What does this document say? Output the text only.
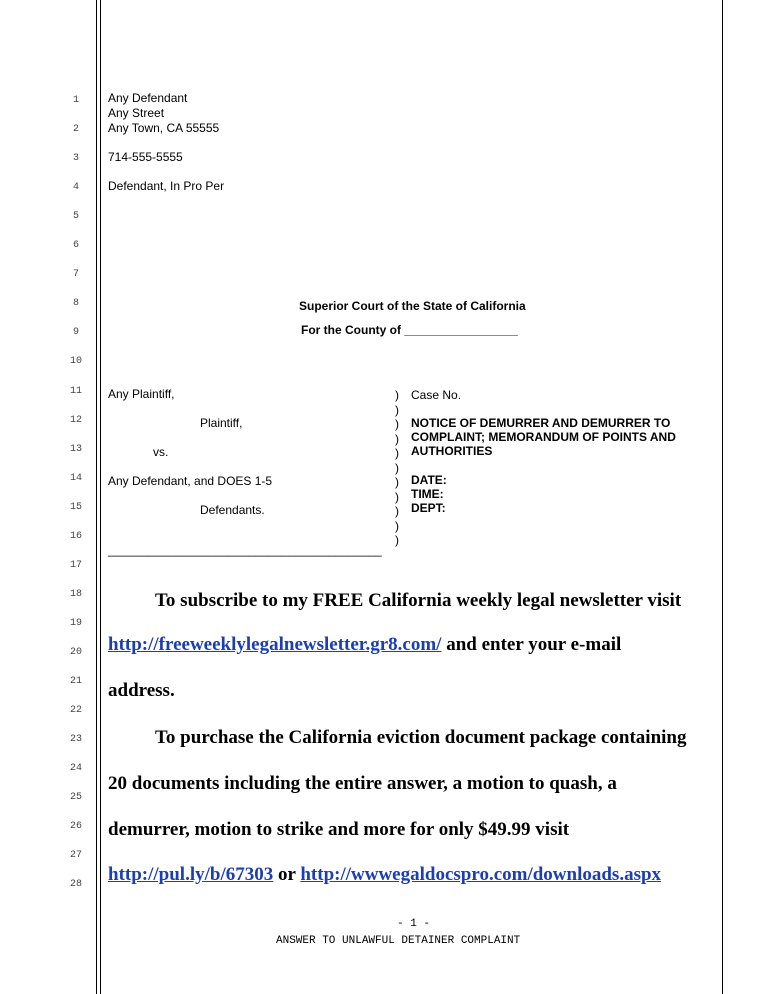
1
2
3
4
5
6
7
8
9
10
11
12
13
14
15
16
17
18
19
20
21
22
23
24
25
26
27
28
Any Defendant
Any Street
Any Town, CA 55555
714-555-5555
Defendant, In Pro Per
Superior Court of the State of California
For the County of _________________
Any Plaintiff,
Plaintiff,
vs.
Any Defendant, and DOES 1-5
Defendants.
_________________________________________
)
)
)
)
)
)
)
)
)
)
)
Case No.
NOTICE OF DEMURRER AND DEMURRER TO
COMPLAINT; MEMORANDUM OF POINTS AND
AUTHORITIES
DATE:
TIME:
DEPT:
To subscribe to my FREE California weekly legal newsletter visit
http://freeweeklylegalnewsletter.gr8.com/ and enter your e-mail
address.
To purchase the California eviction document package containing
20 documents including the entire answer, a motion to quash, a
demurrer, motion to strike and more for only $49.99 visit
http://pul.ly/b/67303 or http://wwwegaldocspro.com/downloads.aspx
- 1 -
ANSWER TO UNLAWFUL DETAINER COMPLAINT
